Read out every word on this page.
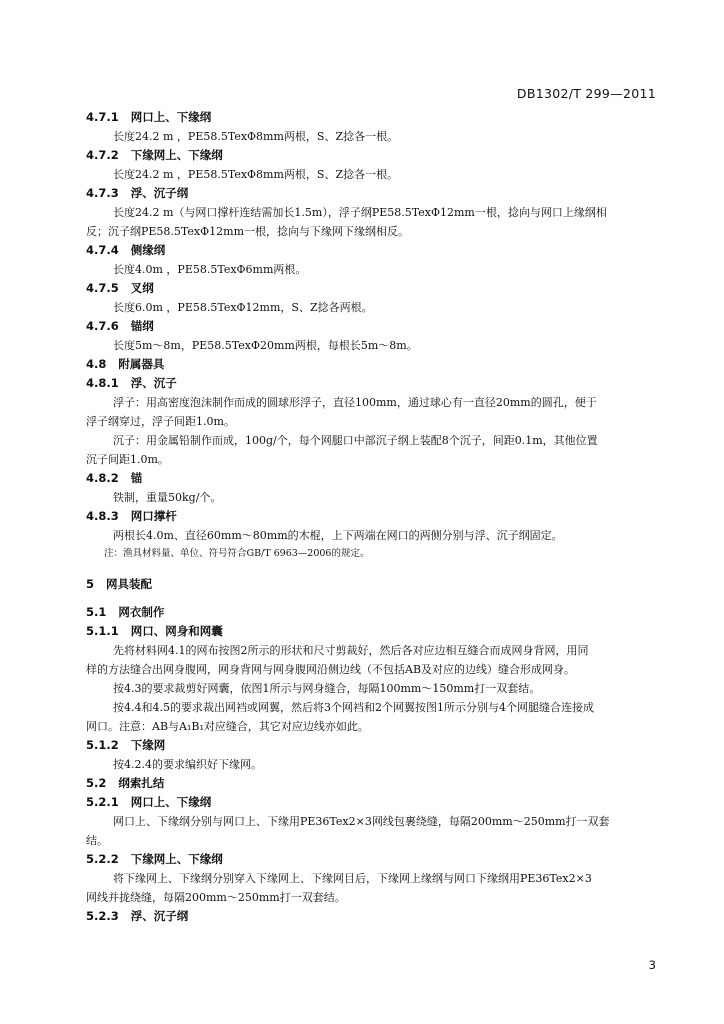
DB1302/T 299—2011
4.7.1 网口上、下缘纲
长度24.2 m ，PE58.5TexΦ8mm两根，S、Z捻各一根。
4.7.2 下缘网上、下缘纲
长度24.2 m ，PE58.5TexΦ8mm两根，S、Z捻各一根。
4.7.3 浮、沉子纲
长度24.2 m（与网口撑杆连结需加长1.5m），浮子纲PE58.5TexΦ12mm一根，捻向与网口上缘纲相
反；沉子纲PE58.5TexΦ12mm一根，捻向与下缘网下缘纲相反。
4.7.4 侧缘纲
长度4.0m ，PE58.5TexΦ6mm两根。
4.7.5 叉纲
长度6.0m ，PE58.5TexΦ12mm，S、Z捻各两根。
4.7.6 锚纲
长度5m～8m，PE58.5TexΦ20mm两根，每根长5m～8m。
4.8 附属器具
4.8.1 浮、沉子
浮子：用高密度泡沫制作而成的圆球形浮子，直径100mm，通过球心有一直径20mm的圆孔，便于
浮子纲穿过，浮子间距1.0m。
沉子：用金属铅制作而成，100g/个，每个网腿口中部沉子纲上装配8个沉子，间距0.1m，其他位置
沉子间距1.0m。
4.8.2 锚
铁制，重量50kg/个。
4.8.3 网口撑杆
两根长4.0m、直径60mm～80mm的木棍，上下两端在网口的两侧分别与浮、沉子纲固定。
注：渔具材料量、单位、符号符合GB/T 6963—2006的规定。
5 网具装配
5.1 网衣制作
5.1.1 网口、网身和网囊
先将材料网4.1的网布按图2所示的形状和尺寸剪裁好，然后各对应边相互缝合而成网身背网，用同
样的方法缝合出网身腹网，网身背网与网身腹网沿侧边线（不包括AB及对应的边线）缝合形成网身。
按4.3的要求裁剪好网囊，依图1所示与网身缝合，每隔100mm～150mm打一双套结。
按4.4和4.5的要求裁出网裆或网翼，然后将3个网裆和2个网翼按图1所示分别与4个网腿缝合连接成
网口。注意：AB与A₁B₁对应缝合，其它对应边线亦如此。
5.1.2 下缘网
按4.2.4的要求编织好下缘网。
5.2 纲索扎结
5.2.1 网口上、下缘纲
网口上、下缘纲分别与网口上、下缘用PE36Tex2×3网线包裹绕缝，每隔200mm～250mm打一双套
结。
5.2.2 下缘网上、下缘纲
将下缘网上、下缘纲分别穿入下缘网上、下缘网目后，下缘网上缘纲与网口下缘纲用PE36Tex2×3
网线并拢绕缝，每隔200mm～250mm打一双套结。
5.2.3 浮、沉子纲
3
